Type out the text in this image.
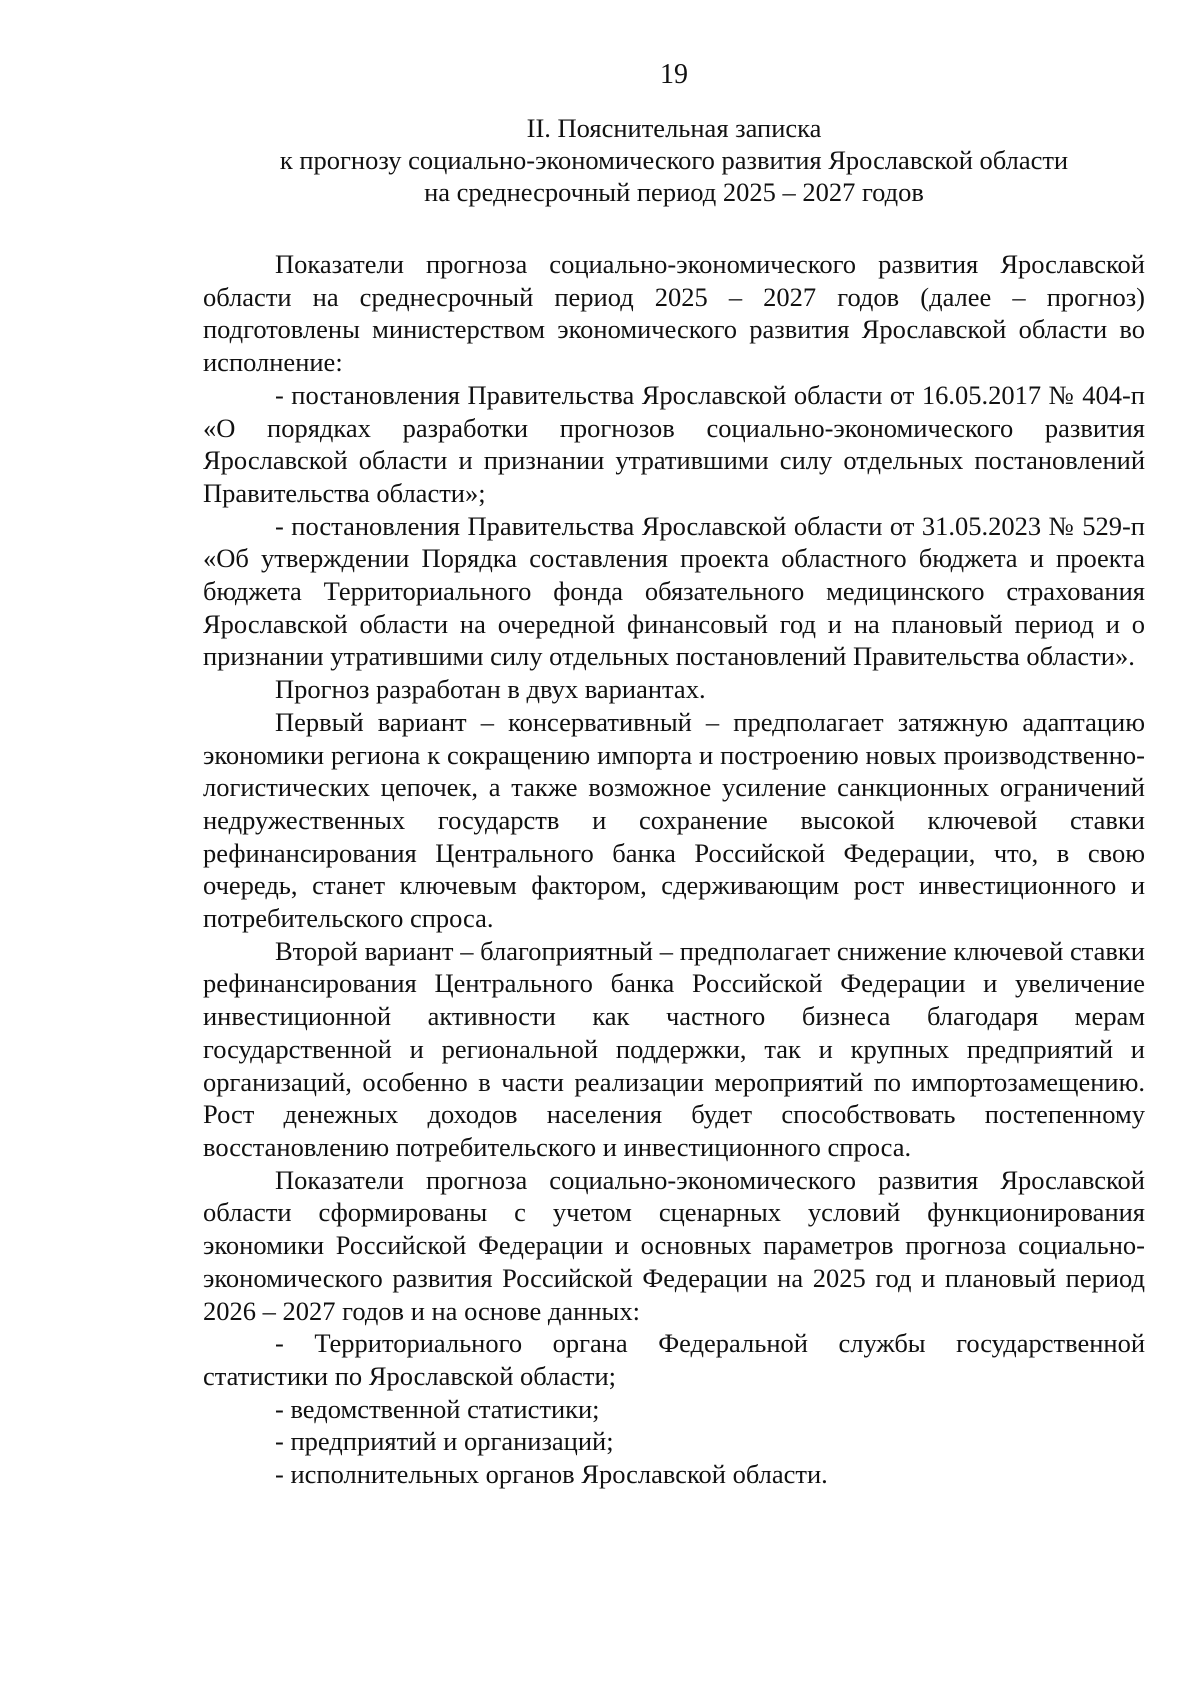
19
II. Пояснительная записка
к прогнозу социально-экономического развития Ярославской области
на среднесрочный период 2025 – 2027 годов

Показатели прогноза социально-экономического развития Ярославской области на среднесрочный период 2025 – 2027 годов (далее – прогноз) подготовлены министерством экономического развития Ярославской области во исполнение:

- постановления Правительства Ярославской области от 16.05.2017 № 404-п «О порядках разработки прогнозов социально-экономического развития Ярославской области и признании утратившими силу отдельных постановлений Правительства области»;

- постановления Правительства Ярославской области от 31.05.2023 № 529-п «Об утверждении Порядка составления проекта областного бюджета и проекта бюджета Территориального фонда обязательного медицинского страхования Ярославской области на очередной финансовый год и на плановый период и о признании утратившими силу отдельных постановлений Правительства области».

Прогноз разработан в двух вариантах.

Первый вариант – консервативный – предполагает затяжную адаптацию экономики региона к сокращению импорта и построению новых производственно-логистических цепочек, а также возможное усиление санкционных ограничений недружественных государств и сохранение высокой ключевой ставки рефинансирования Центрального банка Российской Федерации, что, в свою очередь, станет ключевым фактором, сдерживающим рост инвестиционного и потребительского спроса.

Второй вариант – благоприятный – предполагает снижение ключевой ставки рефинансирования Центрального банка Российской Федерации и увеличение инвестиционной активности как частного бизнеса благодаря мерам государственной и региональной поддержки, так и крупных предприятий и организаций, особенно в части реализации мероприятий по импортозамещению. Рост денежных доходов населения будет способствовать постепенному восстановлению потребительского и инвестиционного спроса.

Показатели прогноза социально-экономического развития Ярославской области сформированы с учетом сценарных условий функционирования экономики Российской Федерации и основных параметров прогноза социально-экономического развития Российской Федерации на 2025 год и плановый период 2026 – 2027 годов и на основе данных:

- Территориального органа Федеральной службы государственной статистики по Ярославской области;

- ведомственной статистики;

- предприятий и организаций;

- исполнительных органов Ярославской области.
